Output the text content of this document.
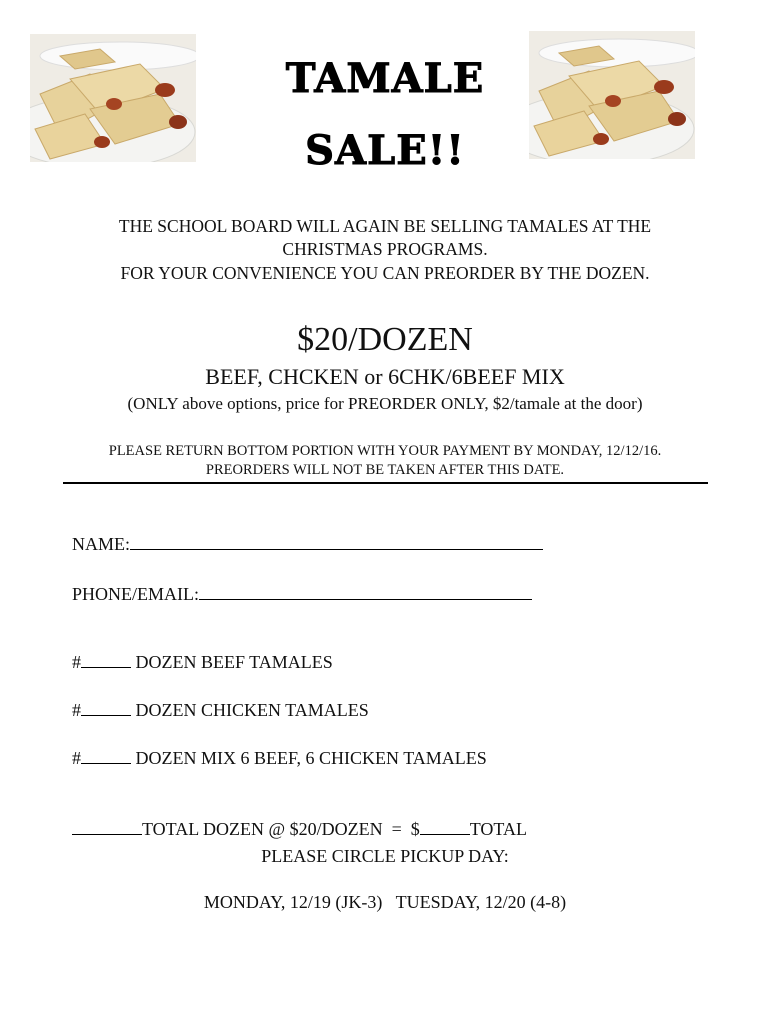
TAMALE
SALE!!
THE SCHOOL BOARD WILL AGAIN BE SELLING TAMALES AT THE
CHRISTMAS PROGRAMS.
FOR YOUR CONVENIENCE YOU CAN PREORDER BY THE DOZEN.
$20/DOZEN
BEEF, CHCKEN or 6CHK/6BEEF MIX
(ONLY above options, price for PREORDER ONLY, $2/tamale at the door)
PLEASE RETURN BOTTOM PORTION WITH YOUR PAYMENT BY MONDAY, 12/12/16.
PREORDERS WILL NOT BE TAKEN AFTER THIS DATE.

NAME:

PHONE/EMAIL:

#	DOZEN BEEF TAMALES

#	DOZEN CHICKEN TAMALES

#	DOZEN MIX 6 BEEF, 6 CHICKEN TAMALES

TOTAL DOZEN @ $20/DOZEN  =  $	TOTAL

PLEASE CIRCLE PICKUP DAY:
MONDAY, 12/19 (JK-3) TUESDAY, 12/20 (4-8)
